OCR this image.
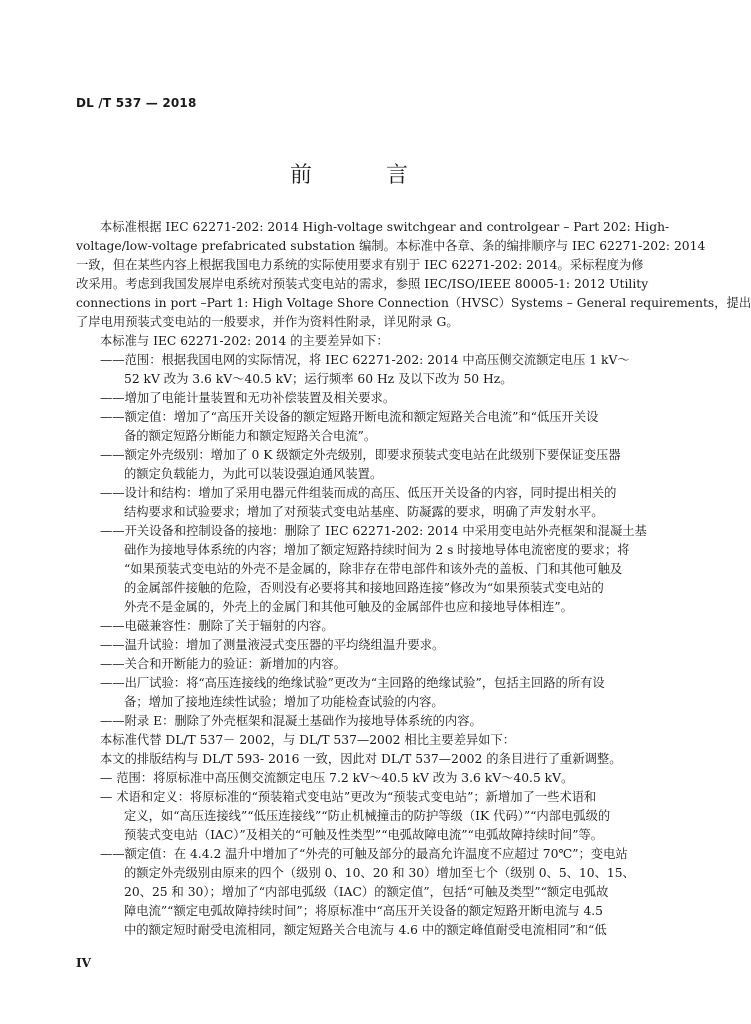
DL /T 537 — 2018
前　言
本标准根据 IEC 62271-202: 2014 High-voltage switchgear and controlgear – Part 202: High-
voltage/low-voltage prefabricated substation 编制。本标准中各章、条的编排顺序与 IEC 62271-202: 2014
一致，但在某些内容上根据我国电力系统的实际使用要求有别于 IEC 62271-202: 2014。采标程度为修
改采用。考虑到我国发展岸电系统对预装式变电站的需求，参照 IEC/ISO/IEEE 80005-1: 2012 Utility
connections in port –Part 1: High Voltage Shore Connection（HVSC）Systems – General requirements，提出
了岸电用预装式变电站的一般要求，并作为资料性附录，详见附录 G。
本标准与 IEC 62271-202: 2014 的主要差异如下：
——范围：根据我国电网的实际情况，将 IEC 62271-202: 2014 中高压侧交流额定电压 1 kV～
52 kV 改为 3.6 kV～40.5 kV；运行频率 60 Hz 及以下改为 50 Hz。
——增加了电能计量装置和无功补偿装置及相关要求。
——额定值：增加了“高压开关设备的额定短路开断电流和额定短路关合电流”和“低压开关设
备的额定短路分断能力和额定短路关合电流”。
——额定外壳级别：增加了 0 K 级额定外壳级别，即要求预装式变电站在此级别下要保证变压器
的额定负载能力，为此可以装设强迫通风装置。
——设计和结构：增加了采用电器元件组装而成的高压、低压开关设备的内容，同时提出相关的
结构要求和试验要求；增加了对预装式变电站基座、防凝露的要求，明确了声发射水平。
——开关设备和控制设备的接地：删除了 IEC 62271-202: 2014 中采用变电站外壳框架和混凝土基
础作为接地导体系统的内容；增加了额定短路持续时间为 2 s 时接地导体电流密度的要求；将
“如果预装式变电站的外壳不是金属的，除非存在带电部件和该外壳的盖板、门和其他可触及
的金属部件接触的危险，否则没有必要将其和接地回路连接”修改为“如果预装式变电站的
外壳不是金属的，外壳上的金属门和其他可触及的金属部件也应和接地导体相连”。
——电磁兼容性：删除了关于辐射的内容。
——温升试验：增加了测量液浸式变压器的平均绕组温升要求。
——关合和开断能力的验证：新增加的内容。
——出厂试验：将“高压连接线的绝缘试验”更改为“主回路的绝缘试验”，包括主回路的所有设
备；增加了接地连续性试验；增加了功能检查试验的内容。
——附录 E：删除了外壳框架和混凝土基础作为接地导体系统的内容。
本标准代替 DL/T 537－ 2002，与 DL/T 537—2002 相比主要差异如下：
本文的排版结构与 DL/T 593- 2016 一致，因此对 DL/T 537—2002 的条目进行了重新调整。
— 范围：将原标准中高压侧交流额定电压 7.2 kV～40.5 kV 改为 3.6 kV～40.5 kV。
— 术语和定义：将原标准的“预装箱式变电站”更改为“预装式变电站”；新增加了一些术语和
定义，如“高压连接线”“低压连接线”“防止机械撞击的防护等级（IK 代码）”“内部电弧级的
预装式变电站（IAC）”及相关的“可触及性类型”“电弧故障电流”“电弧故障持续时间”等。
——额定值：在 4.4.2 温升中增加了“外壳的可触及部分的最高允许温度不应超过 70℃”；变电站
的额定外壳级别由原来的四个（级别 0、10、20 和 30）增加至七个（级别 0、5、10、15、
20、25 和 30）；增加了“内部电弧级（IAC）的额定值”，包括“可触及类型”“额定电弧故
障电流”“额定电弧故障持续时间”；将原标准中“高压开关设备的额定短路开断电流与 4.5
中的额定短时耐受电流相同，额定短路关合电流与 4.6 中的额定峰值耐受电流相同”和“低
IV
